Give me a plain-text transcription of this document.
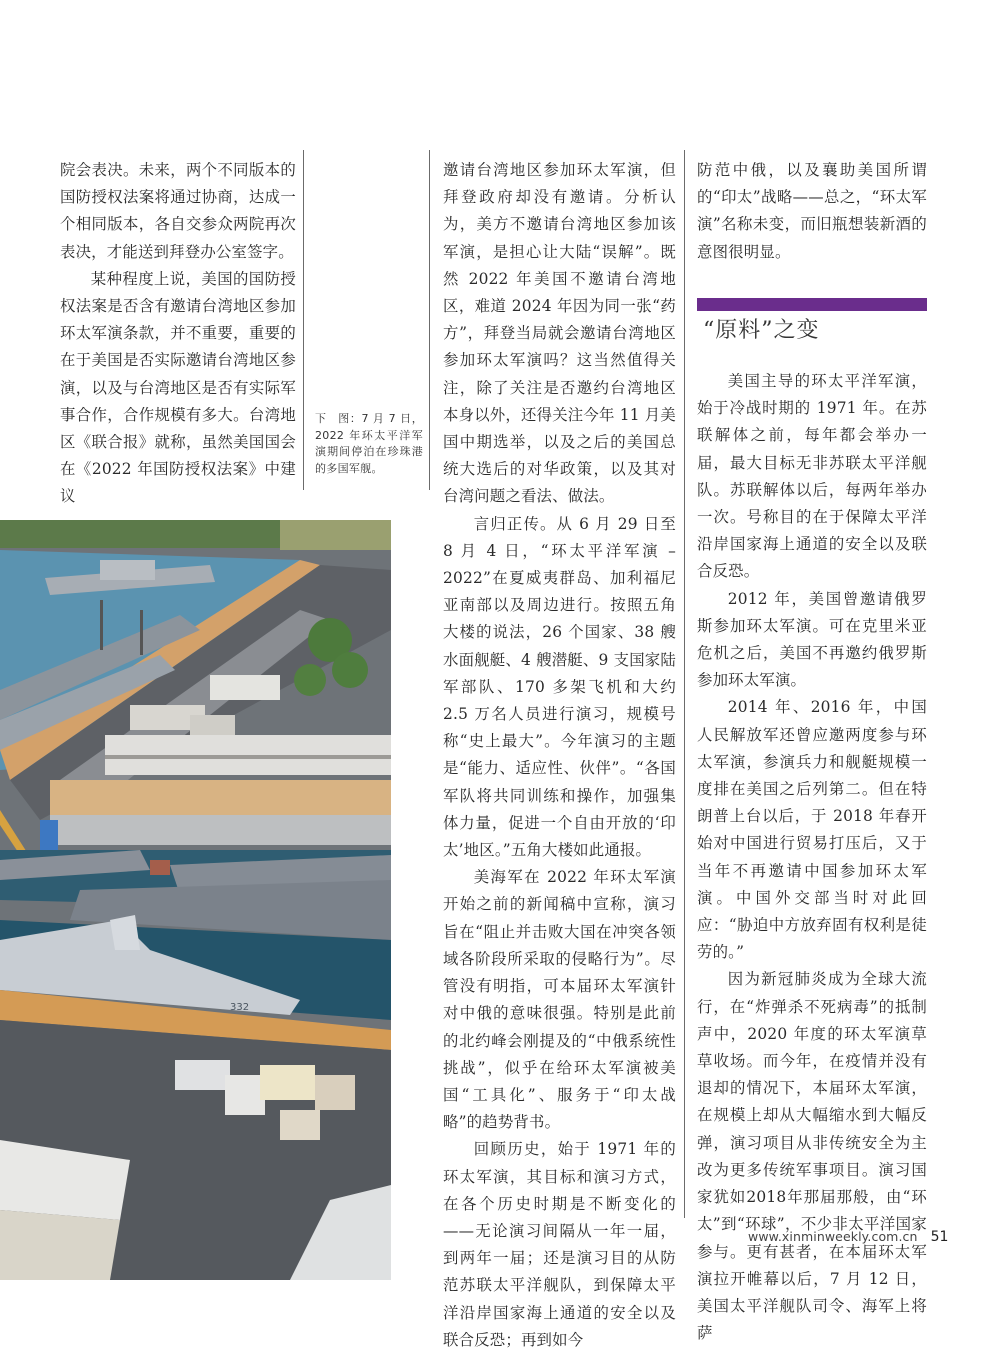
院会表决。未来，两个不同版本的国防授权法案将通过协商，达成一个相同版本，各自交参众两院再次表决，才能送到拜登办公室签字。

某种程度上说，美国的国防授权法案是否含有邀请台湾地区参加环太军演条款，并不重要，重要的在于美国是否实际邀请台湾地区参演，以及与台湾地区是否有实际军事合作，合作规模有多大。台湾地区《联合报》就称，虽然美国国会在《2022 年国防授权法案》中建议

下　图：7 月 7 日，2022 年环太平洋军演期间停泊在珍珠港的多国军舰。

邀请台湾地区参加环太军演，但拜登政府却没有邀请。分析认为，美方不邀请台湾地区参加该军演，是担心让大陆“误解”。既然 2022 年美国不邀请台湾地区，难道 2024 年因为同一张“药方”，拜登当局就会邀请台湾地区参加环太军演吗？这当然值得关注，除了关注是否邀约台湾地区本身以外，还得关注今年 11 月美国中期选举，以及之后的美国总统大选后的对华政策，以及其对台湾问题之看法、做法。

言归正传。从 6 月 29 日至 8 月 4 日，“环太平洋军演 –2022”在夏威夷群岛、加利福尼亚南部以及周边进行。按照五角大楼的说法，26 个国家、38 艘水面舰艇、4 艘潜艇、9 支国家陆军部队、170 多架飞机和大约 2.5 万名人员进行演习，规模号称“史上最大”。今年演习的主题是“能力、适应性、伙伴”。“各国军队将共同训练和操作，加强集体力量，促进一个自由开放的‘印太’地区。”五角大楼如此通报。

美海军在 2022 年环太军演开始之前的新闻稿中宣称，演习旨在“阻止并击败大国在冲突各领域各阶段所采取的侵略行为”。尽管没有明指，可本届环太军演针对中俄的意味很强。特别是此前的北约峰会刚提及的“中俄系统性挑战”，似乎在给环太军演被美国“工具化”、服务于“印太战略”的趋势背书。

回顾历史，始于 1971 年的环太军演，其目标和演习方式，在各个历史时期是不断变化的——无论演习间隔从一年一届，到两年一届；还是演习目的从防范苏联太平洋舰队，到保障太平洋沿岸国家海上通道的安全以及联合反恐；再到如今

防范中俄，以及襄助美国所谓的“印太”战略——总之，“环太军演”名称未变，而旧瓶想装新酒的意图很明显。

“原料”之变

美国主导的环太平洋军演，始于冷战时期的 1971 年。在苏联解体之前，每年都会举办一届，最大目标无非苏联太平洋舰队。苏联解体以后，每两年举办一次。号称目的在于保障太平洋沿岸国家海上通道的安全以及联合反恐。

2012 年，美国曾邀请俄罗斯参加环太军演。可在克里米亚危机之后，美国不再邀约俄罗斯参加环太军演。

2014 年、2016 年，中国人民解放军还曾应邀两度参与环太军演，参演兵力和舰艇规模一度排在美国之后列第二。但在特朗普上台以后，于 2018 年春开始对中国进行贸易打压后，又于当年不再邀请中国参加环太军演。中国外交部当时对此回应：“胁迫中方放弃固有权利是徒劳的。”

因为新冠肺炎成为全球大流行，在“炸弹杀不死病毒”的抵制声中，2020 年度的环太军演草草收场。而今年，在疫情并没有退却的情况下，本届环太军演，在规模上却从大幅缩水到大幅反弹，演习项目从非传统安全为主改为更多传统军事项目。演习国家犹如2018年那届那般，由“环太”到“环球”，不少非太平洋国家参与。更有甚者，在本届环太军演拉开帷幕以后，7 月 12 日，美国太平洋舰队司令、海军上将萨

332
www.xinminweekly.com.cn 51
